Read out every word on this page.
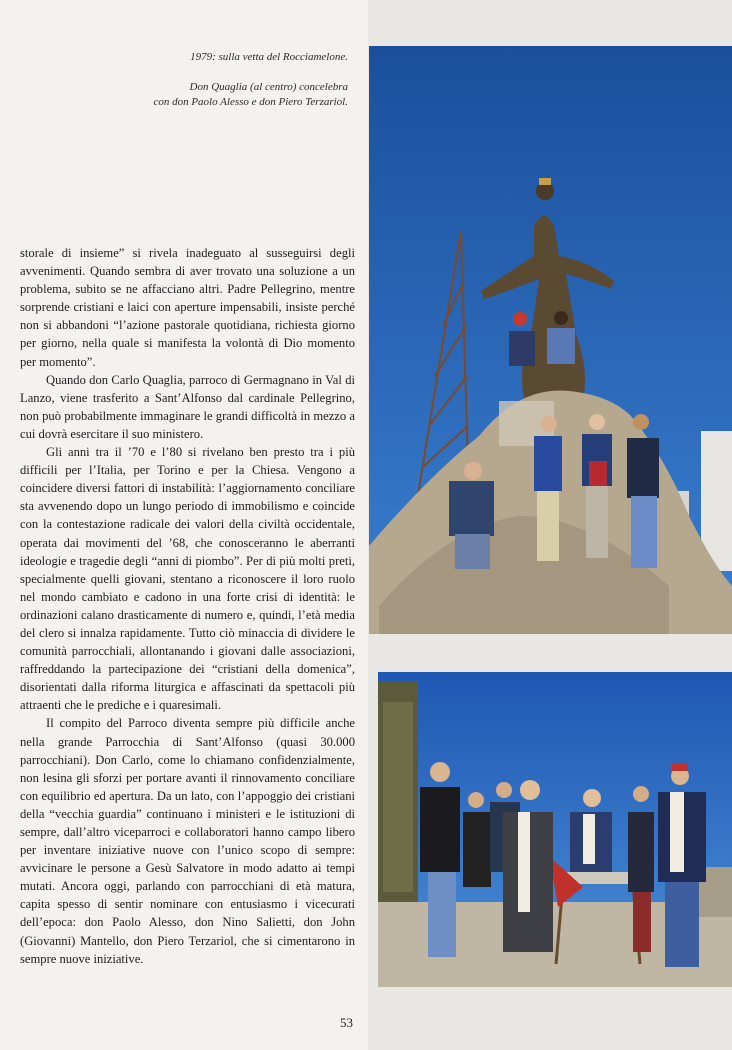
1979: sulla vetta del Rocciamelone.
Don Quaglia (al centro) concelebra
con don Paolo Alesso e don Piero Terzariol.

storale di insieme” si rivela inadeguato al susseguirsi degli avvenimenti. Quando sembra di aver trovato una soluzione a un problema, subito se ne affacciano altri. Padre Pellegrino, mentre sorprende cristiani e laici con aperture impensabili, insiste perché non si abbandoni “l’azione pastorale quotidiana, richiesta giorno per giorno, nella quale si manifesta la volontà di Dio momento per momento”.

Quando don Carlo Quaglia, parroco di Germagnano in Val di Lanzo, viene trasferito a Sant’Alfonso dal cardinale Pellegrino, non può probabilmente immaginare le grandi difficoltà in mezzo a cui dovrà esercitare il suo ministero.

Gli anni tra il ’70 e l’80 si rivelano ben presto tra i più difficili per l’Italia, per Torino e per la Chiesa. Vengono a coincidere diversi fattori di instabilità: l’aggiornamento conciliare sta avvenendo dopo un lungo periodo di immobilismo e coincide con la contestazione radicale dei valori della civiltà occidentale, operata dai movimenti del ’68, che conosceranno le aberranti ideologie e tragedie degli “anni di piombo”. Per di più molti preti, specialmente quelli giovani, stentano a riconoscere il loro ruolo nel mondo cambiato e cadono in una forte crisi di identità: le ordinazioni calano drasticamente di numero e, quindi, l’età media del clero si innalza rapidamente. Tutto ciò minaccia di dividere le comunità parrocchiali, allontanando i giovani dalle associazioni, raffreddando la partecipazione dei “cristiani della domenica”, disorientati dalla riforma liturgica e affascinati da spettacoli più attraenti che le prediche e i quaresimali.

Il compito del Parroco diventa sempre più difficile anche nella grande Parrocchia di Sant’Alfonso (quasi 30.000 parrocchiani). Don Carlo, come lo chiamano confidenzialmente, non lesina gli sforzi per portare avanti il rinnovamento conciliare con equilibrio ed apertura. Da un lato, con l’appoggio dei cristiani della “vecchia guardia” continuano i ministeri e le istituzioni di sempre, dall’altro viceparroci e collaboratori hanno campo libero per inventare iniziative nuove con l’unico scopo di sempre: avvicinare le persone a Gesù Salvatore in modo adatto ai tempi mutati. Ancora oggi, parlando con parrocchiani di età matura, capita spesso di sentir nominare con entusiasmo i vicecurati dell’epoca: don Paolo Alesso, don Nino Salietti, don John (Giovanni) Mantello, don Piero Terzariol, che si cimentarono in sempre nuove iniziative.

53
